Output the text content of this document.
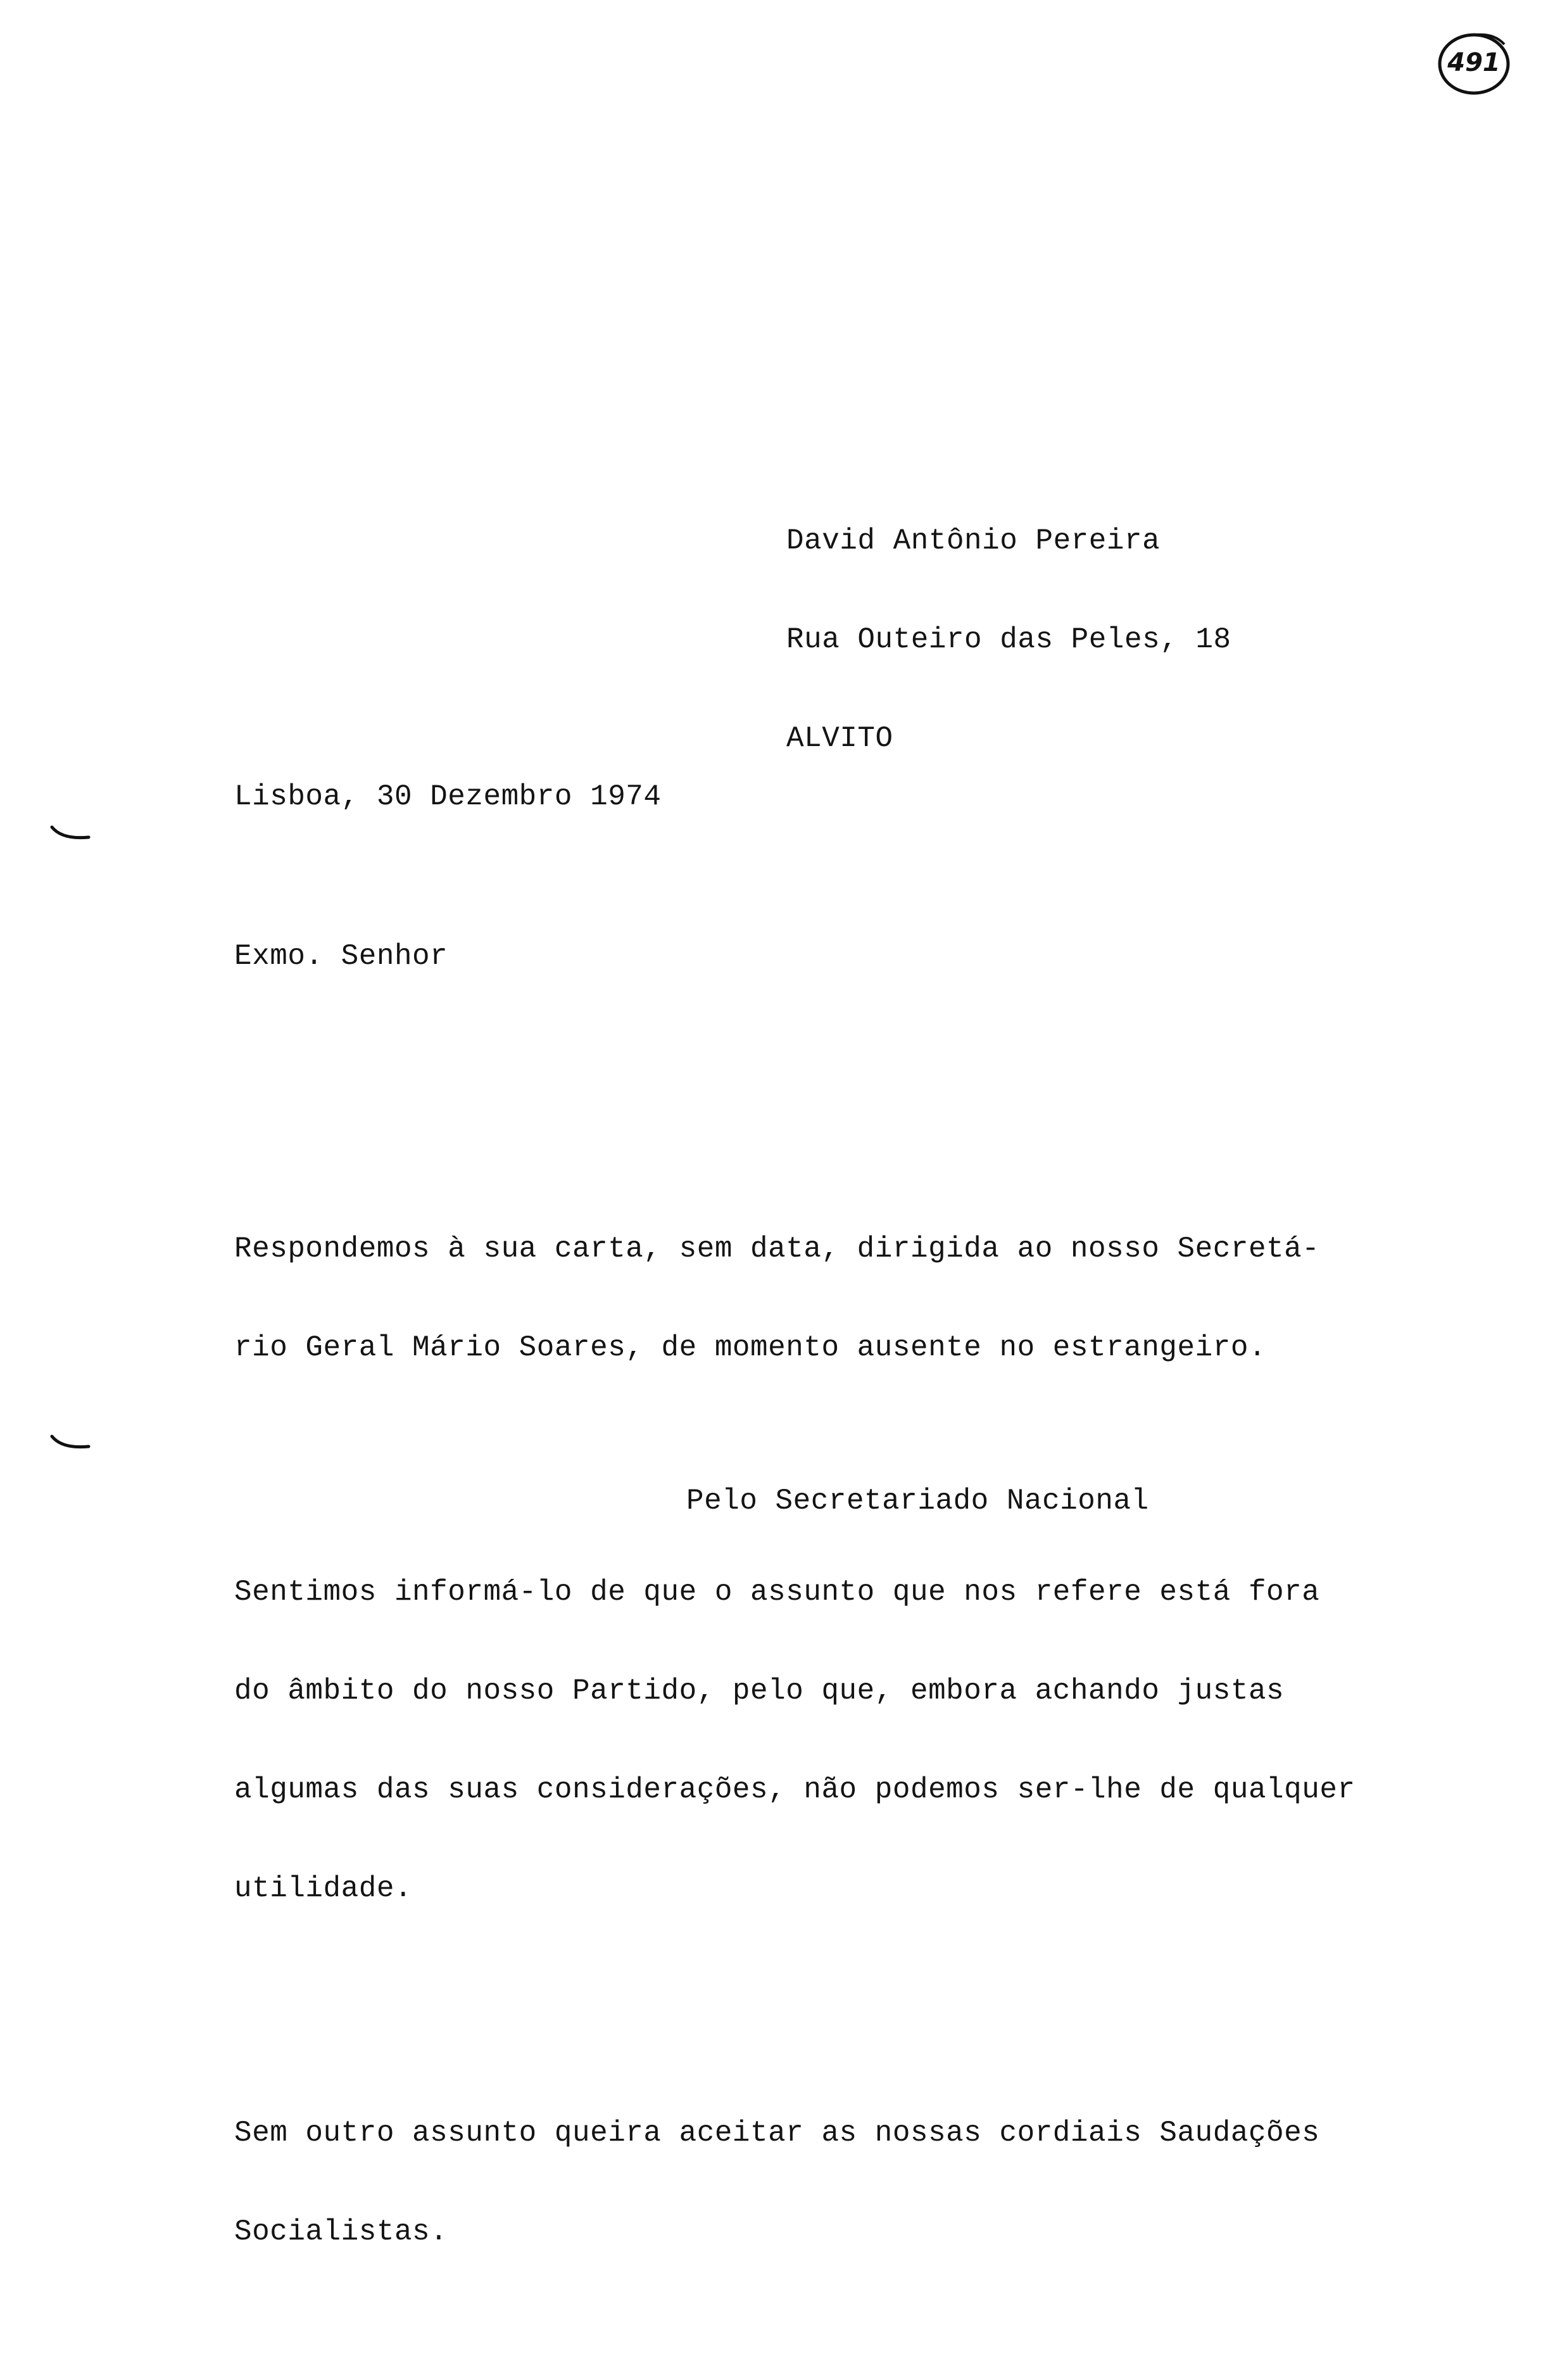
491

David Antônio Pereira

Rua Outeiro das Peles, 18

ALVITO

Lisboa, 30 Dezembro 1974
Exmo. Senhor

Respondemos à sua carta, sem data, dirigida ao nosso Secretá-

rio Geral Mário Soares, de momento ausente no estrangeiro.

Sentimos informá-lo de que o assunto que nos refere está fora

do âmbito do nosso Partido, pelo que, embora achando justas

algumas das suas considerações, não podemos ser-lhe de qualquer

utilidade.

Sem outro assunto queira aceitar as nossas cordiais Saudações

Socialistas.

Pelo Secretariado Nacional
